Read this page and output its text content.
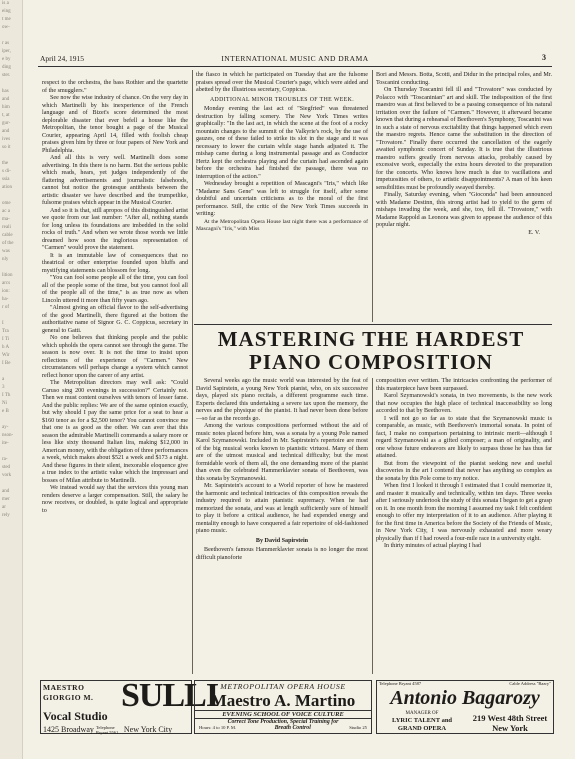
is a
eing
t me
ow-

r as
iper,
e by
ding
ster.

has
and
him
t, at
gur-
and
ives
so it

the
s di-
ssia
ation

ome
ac a
ma-
reali
cable
of the
was
nly

lition
arcs
ion:
ha-
r of

I
Tra
I Ti
h A
Wir
I Be

a
3
I Th
Ni
e B

ay-
nson-
ite-

ra-
sted
vork

and
mer
ar
rely
April 24, 1915	INTERNATIONAL MUSIC AND DRAMA	3

respect to the orchestra, the bass Rothier and the quartette of the smugglers."

See now the wise industry of chance. On the very day in which Martinelli by his inexperience of the French language and of Bizet's score determined the most deplorable disaster that ever befell a house like the Metropolitan, the tenor bought a page of the Musical Courier, appearing April 14, filled with foolish cheap praises given him by three or four papers of New York and Philadelphia.

And all this is very well. Martinelli does some advertising. In this there is no harm. But the serious public which reads, hears, yet judges independently of the flattering advertisements and journalistic falsehoods, cannot but notice the grotesque antithesis between the artistic disaster we have described and the trumpetlike, fulsome praises which appear in the Musical Courier.

And so it is that, still apropos of this distinguished artist we quote from our last number: "After all, nothing stands for long unless its foundations are imbedded in the solid rocks of truth." And when we wrote those words we little dreamed how soon the inglorious representation of "Carmen" would prove the statement.

It is an immutable law of consequences that no theatrical or other enterprise founded upon bluffs and mystifying statements can blossom for long.

"You can fool some people all of the time, you can fool all of the people some of the time, but you cannot fool all of the people all of the time," is as true now as when Lincoln uttered it more than fifty years ago.

"Almost giving an official flavor to the self-advertising of the good Martinelli, there figured at the bottom the authoritative name of Signor G. C. Coppicus, secretary in general to Gatti.

No one believes that thinking people and the public which upholds the opera cannot see through the game. The season is now over. It is not the time to insist upon reflections of the experience of "Carmen." New circumstances will perhaps change a system which cannot reflect honor upon the career of any artist.

The Metropolitan directors may well ask: "Could Caruso sing 200 evenings in succession?" Certainly not. Then we must content ourselves with tenors of lesser fame. And the public replies: We are of the same opinion exactly, but why should I pay the same price for a seat to hear a $160 tenor as for a $2,500 tenor? You cannot convince me that one is as good as the other. We can aver that this season the admirable Martinelli commands a salary more or less like sixty thousand Italian lira, making $12,000 in American money, with the obligation of three performances a week, which makes about $521 a week and $173 a night. And these figures in their silent, inexorable eloquence give a true index to the artistic value which the impressari and bosses of Milan attribute to Martinelli.

We instead would say that the services this young man renders deserve a larger compensation. Still, the salary he now receives, or doubled, is quite logical and appropriate to

the fiasco in which he participated on Tuesday that are the fulsome praises spread over the Musical Courier's page, which were aided and abetted by the illustrious secretary, Coppicus.

ADDITIONAL MINOR TROUBLES OF THE WEEK.

Monday evening the last act of "Siegfried" was threatened destruction by falling scenery. The New York Times writes graphically: "In the last act, in which the scene at the foot of a rocky mountain changes to the summit of the Valkyrie's rock, by the use of gauzes, one of these failed to strike its slot in the stage and it was necessary to lower the curtain while stage hands adjusted it. The mishap came during a long instrumental passage and as Conductor Hertz kept the orchestra playing and the curtain had ascended again before the orchestra had finished the passage, there was no interruption of the action."

Wednesday brought a repetition of Mascagni's "Iris," which like "Madame Sans Gene" was left to struggle for itself, after some doubtful and uncertain criticisms as to the moral of the first performance. Still, the critic of the New York Times succeeds in writing:

At the Metropolitan Opera House last night there was a performance of Mascagni's "Iris," with Miss

Bori and Messrs. Botta, Scotti, and Didur in the principal roles, and Mr. Toscanini conducting.

On Thursday Toscanini fell ill and "Trovatore" was conducted by Polacco with "Toscaninian" art and skill. The indisposition of the first maestro was at first believed to be a passing consequence of his natural irritation over the failure of "Carmen." However, it afterward became known that during a rehearsal of Beethoven's Symphony, Toscanini was in such a state of nervous excitability that things happened which even the maestro regrets. Hence came the substitution in the direction of "Trovatore." Finally there occurred the cancellation of the eagerly awaited symphonic concert of Sunday. It is true that the illustrious maestro suffers greatly from nervous attacks, probably caused by excessive work, especially the extra hours devoted to the preparation for the concerts. Who knows how much is due to vacillations and impetuosities of others, to artistic disappointments? A man of his keen sensibilities must be profoundly swayed thereby.

Finally, Saturday evening, when "Gioconda" had been announced with Madame Destinn, this strong artist had to yield to the germ of mishaps invading the week, and she, too, fell ill. "Trovatore," with Madame Rappold as Leonora was given to appease the audience of this popular night.

E. V.

MASTERING THE HARDEST
PIANO COMPOSITION

Several weeks ago the music world was interested by the feat of David Sapirstein, a young New York pianist, who, on six successive days, played six piano recitals, a different programme each time. Experts declared this undertaking a severe tax upon the memory, the nerves and the physique of the pianist. It had never been done before—so far as the records go.

Among the various compositions performed without the aid of music notes placed before him, was a sonata by a young Pole named Karol Szymanowski. Included in Mr. Sapirstein's repertoire are most of the big musical works known to pianistic virtuosi. Many of them are of the utmost musical and technical difficulty; but the most formidable work of them all, the one demanding more of the pianist than even the celebrated Hammerklavier sonata of Beethoven, was this sonata by Szymanowski.

Mr. Sapirstein's account to a World reporter of how he mastered the harmonic and technical intricacies of this composition reveals the industry required to attain pianistic supremacy. When he had memorized the sonata, and was at length sufficiently sure of himself to play it before a critical audience, he had expended energy and mentality enough to have conquered a fair repertoire of old-fashioned piano music.

By David Sapirstein

Beethoven's famous Hammerklavier sonata is no longer the most difficult pianoforte

composition ever written. The intricacies confronting the performer of this masterpiece have been surpassed.

Karol Szymanowski's sonata, in two movements, is the new work that now occupies the high place of technical inaccessibility so long accorded to that by Beethoven.

I will not go so far as to state that the Szymanowski music is comparable, as music, with Beethoven's immortal sonata. In point of fact, I make no comparison pertaining to intrinsic merit—although I regard Szymanowski as a gifted composer; a man of originality, and one whose future endeavors are likely to surpass those he has thus far attained.

But from the viewpoint of the pianist seeking new and useful discoveries in the art I contend that never has anything so complex as the sonata by this Pole come to my notice.

When first I looked it through I estimated that I could memorize it, and master it musically and technically, within ten days. Three weeks after I seriously undertook the study of this sonata I began to get a grasp on it. In one month from the morning I assumed my task I felt confident enough to offer my interpretation of it to an audience. After playing it for the first time in America before the Society of the Friends of Music, in New York City, I was nervously exhausted and more weary physically than if I had rowed a four-mile race in a university eight.

In thirty minutes of actual playing I had

MAESTRO
GIORGIO M. SULLI
Vocal Studio
1425 Broadway Telephone Bryant 5561 New York City
METROPOLITAN OPERA HOUSE
Maestro A. Martino
EVENING SCHOOL OF VOICE CULTURE
Correct Tone Production, Special Training for
Hours: 4 to 10 P. M.	Breath Control	Studio 25
Telephone Bryant 4587	Cable Address "Bazry"
Antonio Bagarozy
MANAGER OF
LYRIC TALENT and
GRAND OPERA
219 West 48th Street
New York
